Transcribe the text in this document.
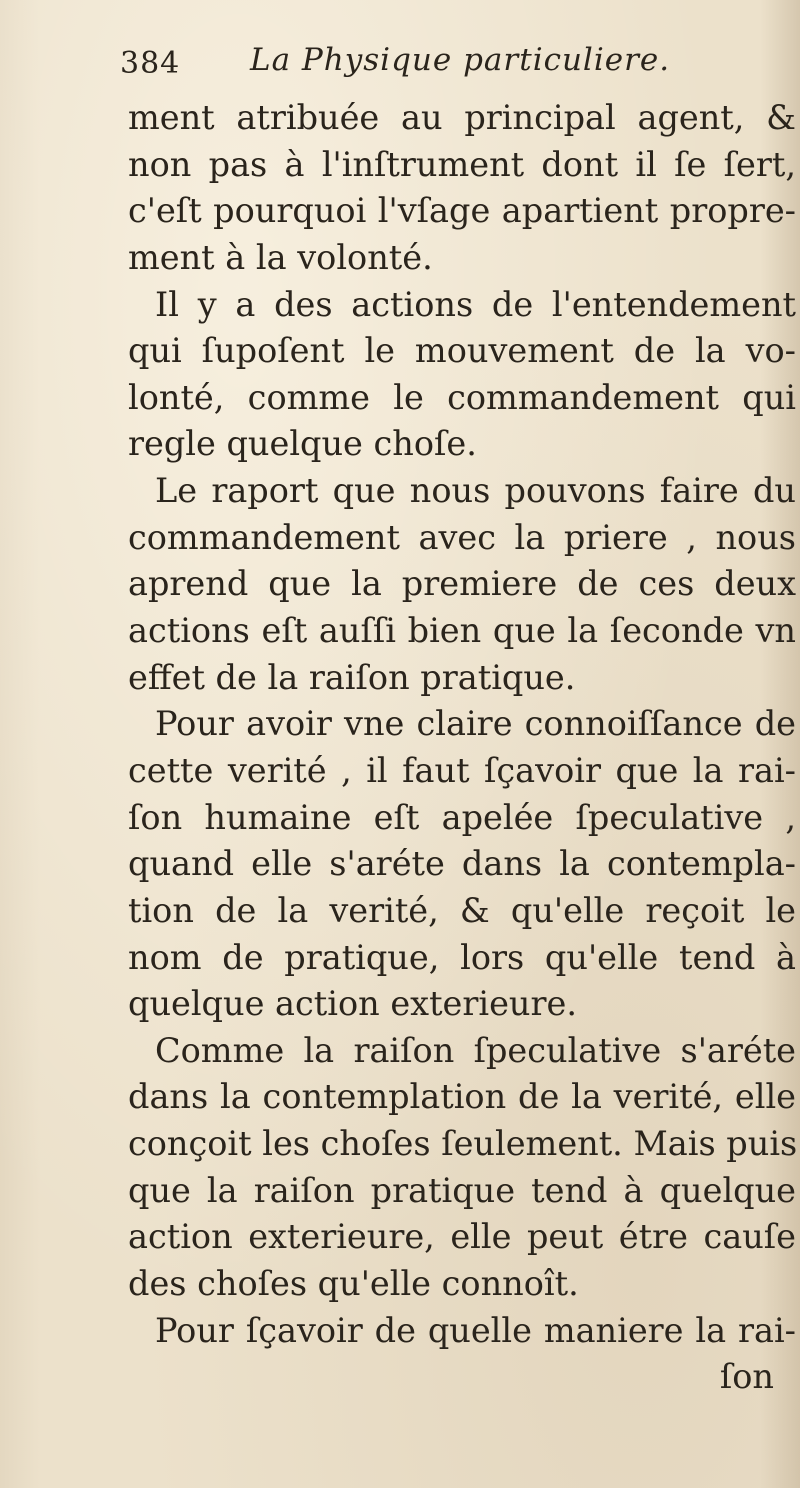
384 La Physique particuliere.
ment atribuée au principal agent, &
non pas à l'inſtrument dont il ſe ſert,
c'eſt pourquoi l'vſage apartient propre-
ment à la volonté.
Il y a des actions de l'entendement
qui ſupoſent le mouvement de la vo-
lonté, comme le commandement qui
regle quelque choſe.
Le raport que nous pouvons faire du
commandement avec la priere , nous
aprend que la premiere de ces deux
actions eſt auſſi bien que la ſeconde vn
effet de la raiſon pratique.
Pour avoir vne claire connoiſſance de
cette verité , il faut ſçavoir que la rai-
ſon humaine eſt apelée ſpeculative ,
quand elle s'aréte dans la contempla-
tion de la verité, & qu'elle reçoit le
nom de pratique, lors qu'elle tend à
quelque action exterieure.
Comme la raiſon ſpeculative s'aréte
dans la contemplation de la verité, elle
conçoit les choſes ſeulement. Mais puis
que la raiſon pratique tend à quelque
action exterieure, elle peut étre cauſe
des choſes qu'elle connoît.
Pour ſçavoir de quelle maniere la rai-
ſon
